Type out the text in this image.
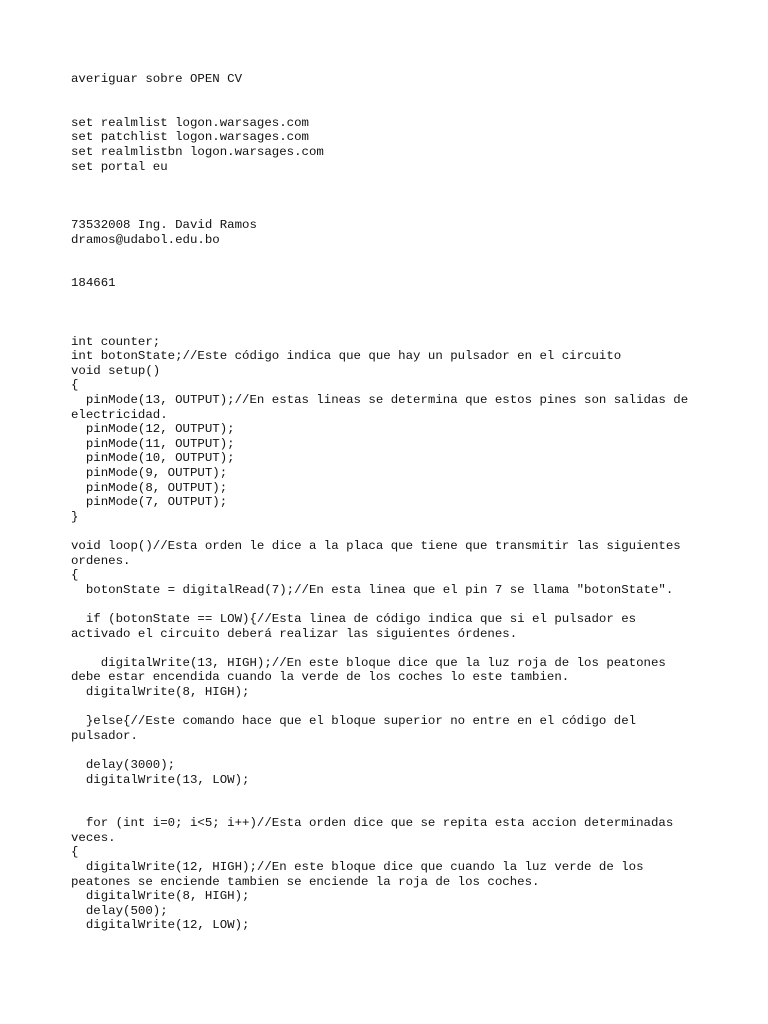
averiguar sobre OPEN CV
set realmlist logon.warsages.com
set patchlist logon.warsages.com
set realmlistbn logon.warsages.com
set portal eu
73532008 Ing. David Ramos
dramos@udabol.edu.bo
184661
int counter;
int botonState;//Este código indica que que hay un pulsador en el circuito
void setup()
{
pinMode(13, OUTPUT);//En estas lineas se determina que estos pines son salidas de
electricidad.
pinMode(12, OUTPUT);
pinMode(11, OUTPUT);
pinMode(10, OUTPUT);
pinMode(9, OUTPUT);
pinMode(8, OUTPUT);
pinMode(7, OUTPUT);
}
void loop()//Esta orden le dice a la placa que tiene que transmitir las siguientes
ordenes.
{
botonState = digitalRead(7);//En esta linea que el pin 7 se llama "botonState".
if (botonState == LOW){//Esta linea de código indica que si el pulsador es
activado el circuito deberá realizar las siguientes órdenes.
digitalWrite(13, HIGH);//En este bloque dice que la luz roja de los peatones
debe estar encendida cuando la verde de los coches lo este tambien.
digitalWrite(8, HIGH);
}else{//Este comando hace que el bloque superior no entre en el código del
pulsador.
delay(3000);
digitalWrite(13, LOW);
for (int i=0; i<5; i++)//Esta orden dice que se repita esta accion determinadas
veces.
{
digitalWrite(12, HIGH);//En este bloque dice que cuando la luz verde de los
peatones se enciende tambien se enciende la roja de los coches.
digitalWrite(8, HIGH);
delay(500);
digitalWrite(12, LOW);
